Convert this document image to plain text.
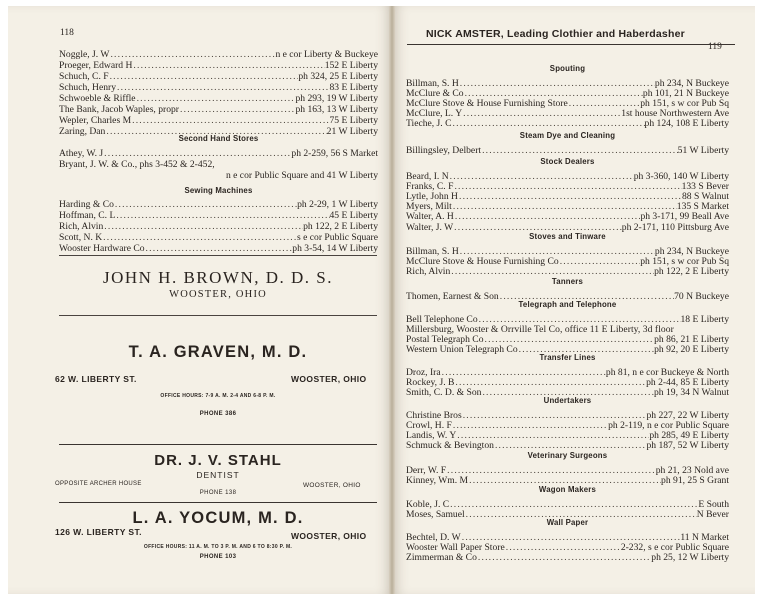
118
Noggle, J. W .....	n e cor Liberty & Buckeye
Proeger, Edward H .....	152 E Liberty
Schuch, C. F .....	ph 324, 25 E Liberty
Schuch, Henry .....	83 E Liberty
Schwoeble & Riffle .....	ph 293, 19 W Liberty
The Bank, Jacob Waples, propr .....	ph 163, 13 W Liberty
Wepler, Charles M .....	75 E Liberty
Zaring, Dan .....	21 W Liberty
Second Hand Stores
Athey, W. J .....	ph 2-259, 56 S Market
Bryant, J. W. & Co., phs 3-452 & 2-452,
n e cor Public Square and 41 W Liberty
Sewing Machines
Harding & Co .....	ph 2-29, 1 W Liberty
Hoffman, C. L .....	45 E Liberty
Rich, Alvin .....	ph 122, 2 E Liberty
Scott, N. K .....	s e cor Public Square
Wooster Hardware Co .....	ph 3-54, 14 W Liberty
JOHN H. BROWN, D. D. S.
WOOSTER, OHIO
T. A. GRAVEN, M. D.
62 W. LIBERTY ST.	WOOSTER, OHIO
OFFICE HOURS: 7-9 A. M. 2-4 AND 6-8 P. M.
PHONE 386
DR. J. V. STAHL
DENTIST
OPPOSITE ARCHER HOUSE	WOOSTER, OHIO
PHONE 138
L. A. YOCUM, M. D.
126 W. LIBERTY ST.	WOOSTER, OHIO
OFFICE HOURS: 11 A. M. TO 3 P. M. AND 6 TO 8:30 P. M.
PHONE 103
NICK AMSTER, Leading Clothier and Haberdasher
119
Spouting
Billman, S. H .....	ph 234, N Buckeye
McClure & Co .....	ph 101, 21 N Buckeye
McClure Stove & House Furnishing Store .....	ph 151, s w cor Pub Sq
McClure, L. Y .....	1st house Northwestern Ave
Tieche, J. C .....	ph 124, 108 E Liberty
Steam Dye and Cleaning
Billingsley, Delbert .....	51 W Liberty
Stock Dealers
Beard, I. N .....	ph 3-360, 140 W Liberty
Franks, C. F .....	133 S Bever
Lytle, John H .....	88 S Walnut
Myers, Milt .....	135 S Market
Walter, A. H .....	ph 3-171, 99 Beall Ave
Walter, J. W .....	ph 2-171, 110 Pittsburg Ave
Stoves and Tinware
Billman, S. H .....	ph 234, N Buckeye
McClure Stove & House Furnishing Co .....	ph 151, s w cor Pub Sq
Rich, Alvin .....	ph 122, 2 E Liberty
Tanners
Thomen, Earnest & Son .....	70 N Buckeye
Telegraph and Telephone
Bell Telephone Co .....	18 E Liberty
Millersburg, Wooster & Orrville Tel Co, office 11 E Liberty, 3d floor
Postal Telegraph Co .....	ph 86, 21 E Liberty
Western Union Telegraph Co .....	ph 92, 20 E Liberty
Transfer Lines
Droz, Ira .....	ph 81, n e cor Buckeye & North
Rockey, J. B .....	ph 2-44, 85 E Liberty
Smith, C. D. & Son .....	ph 19, 34 N Walnut
Undertakers
Christine Bros .....	ph 227, 22 W Liberty
Crowl, H. F .....	ph 2-119, n e cor Public Square
Landis, W. Y .....	ph 285, 49 E Liberty
Schmuck & Bevington .....	ph 187, 52 W Liberty
Veterinary Surgeons
Derr, W. F .....	ph 21, 23 Nold ave
Kinney, Wm. M .....	ph 91, 25 S Grant
Wagon Makers
Koble, J. C .....	E South
Moses, Samuel .....	N Bever
Wall Paper
Bechtel, D. W .....	11 N Market
Wooster Wall Paper Store .....	2-232, s e cor Public Square
Zimmerman & Co .....	ph 25, 12 W Liberty
